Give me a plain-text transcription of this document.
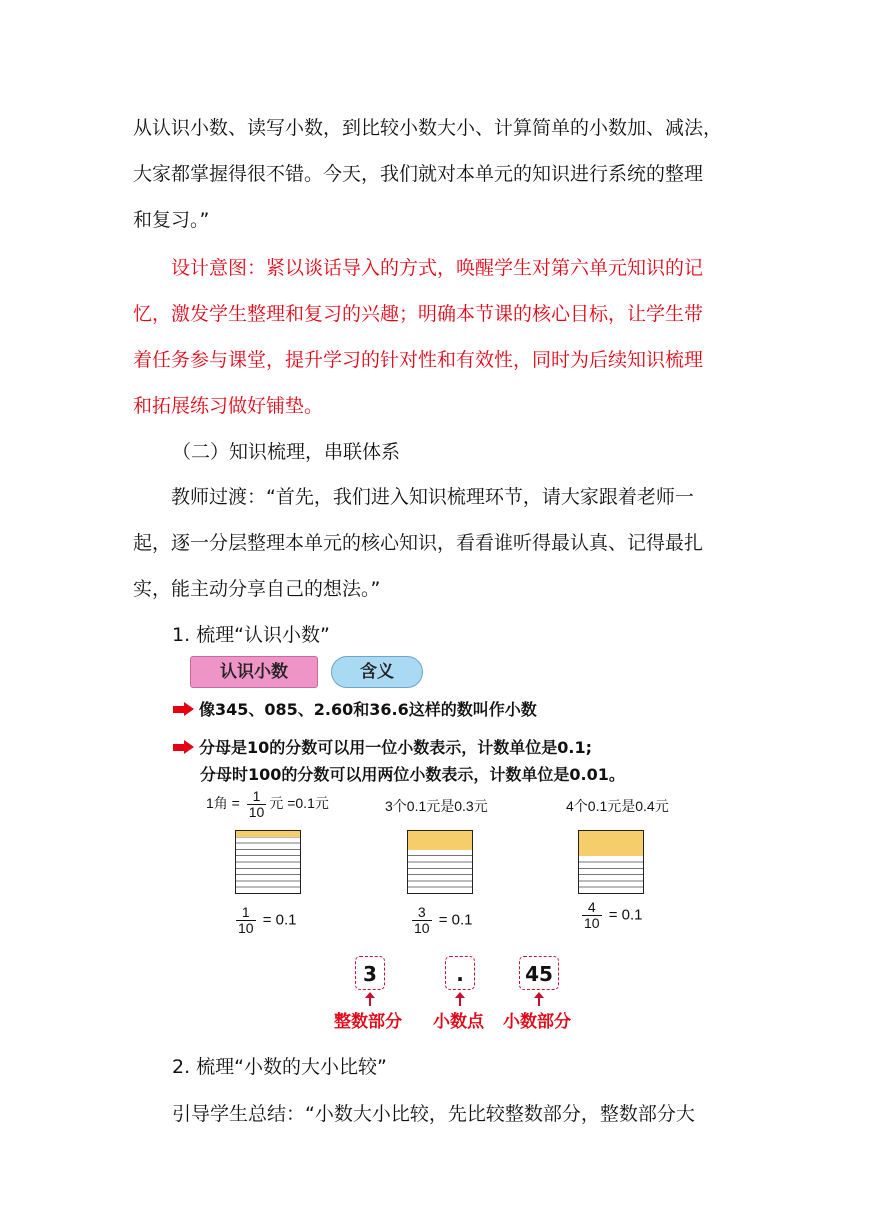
从认识小数、读写小数，到比较小数大小、计算简单的小数加、减法，
大家都掌握得很不错。今天，我们就对本单元的知识进行系统的整理
和复习。”
设计意图：紧以谈话导入的方式，唤醒学生对第六单元知识的记
忆，激发学生整理和复习的兴趣；明确本节课的核心目标，让学生带
着任务参与课堂，提升学习的针对性和有效性，同时为后续知识梳理
和拓展练习做好铺垫。
（二）知识梳理，串联体系
教师过渡：“首先，我们进入知识梳理环节，请大家跟着老师一
起，逐一分层整理本单元的核心知识，看看谁听得最认真、记得最扎
实，能主动分享自己的想法。”
1. 梳理“认识小数”
认识小数	含义
像345、085、2.60和36.6这样的数叫作小数
分母是10的分数可以用一位小数表示，计数单位是0.1;
分母时100的分数可以用两位小数表示，计数单位是0.01。
1角 = $\frac{1}{10}$ 元 =0.1元	3个0.1元是0.3元	4个0.1元是0.4元
$\frac{1}{10} = 0.1$	$\frac{3}{10} = 0.1$	$\frac{4}{10} = 0.1$
3	.	45
整数部分 小数点 小数部分
2. 梳理“小数的大小比较”
引导学生总结：“小数大小比较，先比较整数部分，整数部分大
